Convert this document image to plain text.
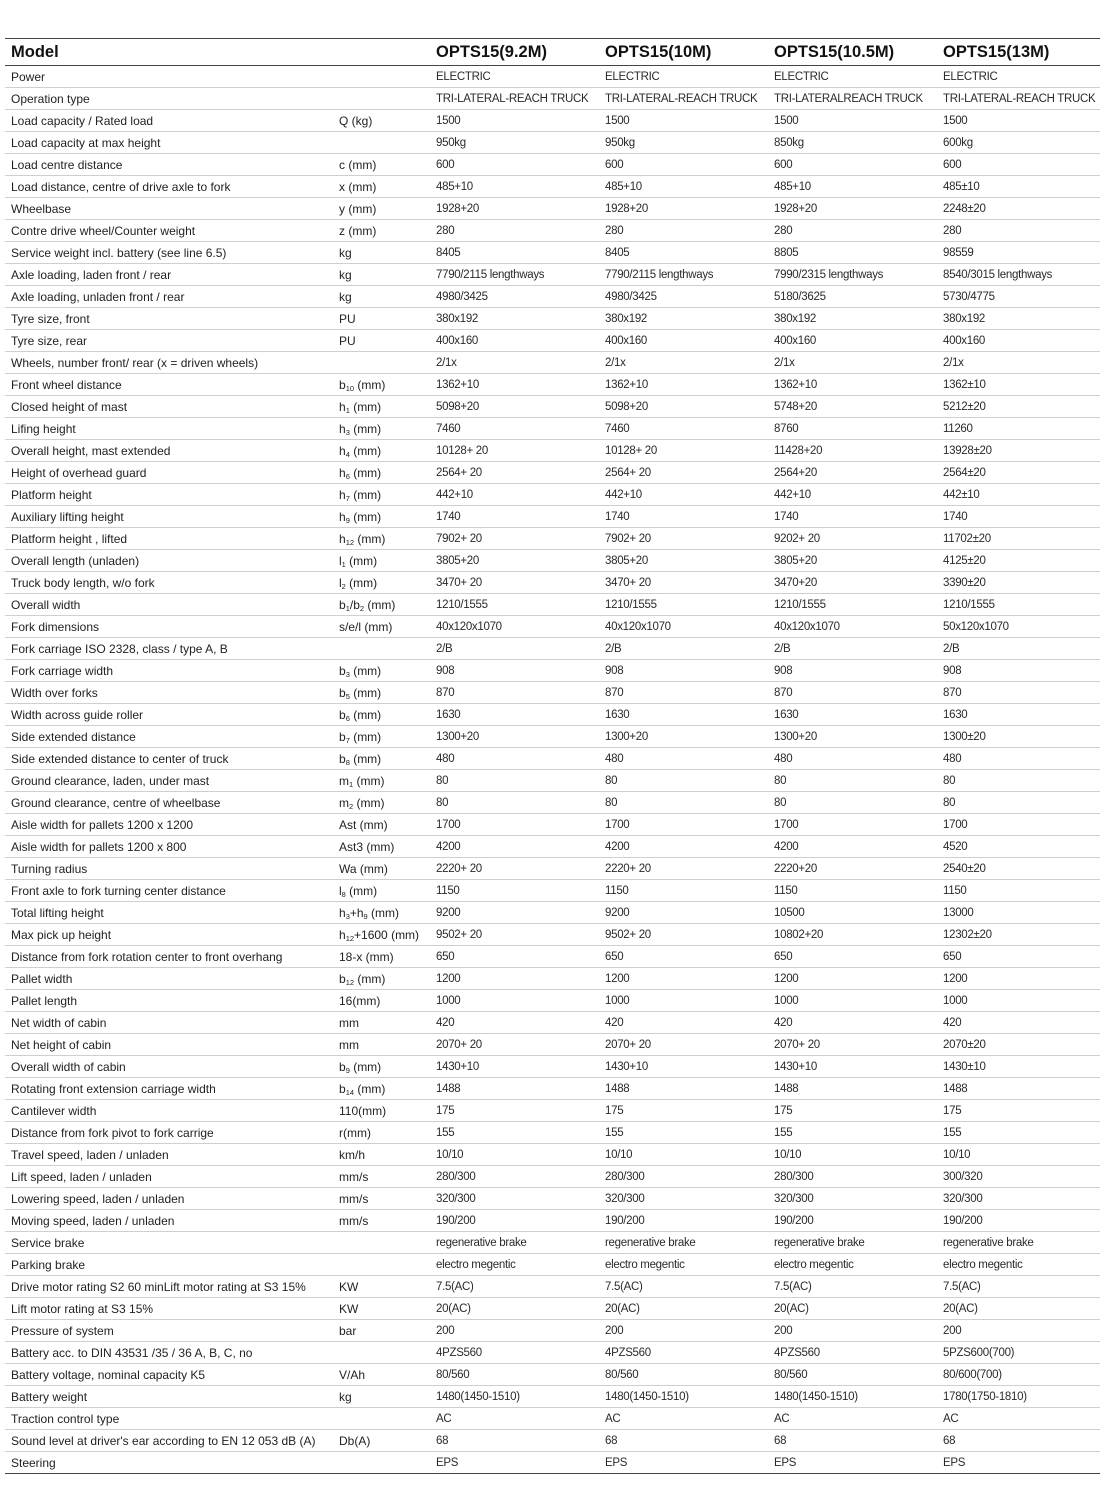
Model		OPTS15(9.2M)	OPTS15(10M)	OPTS15(10.5M)	OPTS15(13M)
Power		ELECTRIC	ELECTRIC	ELECTRIC	ELECTRIC
Operation type		TRI-LATERAL-REACH TRUCK	TRI-LATERAL-REACH TRUCK	TRI-LATERALREACH TRUCK	TRI-LATERAL-REACH TRUCK
Load capacity / Rated load	Q (kg)	1500	1500	1500	1500
Load capacity at max height		950kg	950kg	850kg	600kg
Load centre distance	c (mm)	600	600	600	600
Load distance, centre of drive axle to fork	x (mm)	485+10	485+10	485+10	485±10
Wheelbase	y (mm)	1928+20	1928+20	1928+20	2248±20
Contre drive wheel/Counter weight	z (mm)	280	280	280	280
Service weight incl. battery (see line 6.5)	kg	8405	8405	8805	98559
Axle loading, laden front / rear	kg	7790/2115 lengthways	7790/2115 lengthways	7990/2315 lengthways	8540/3015 lengthways
Axle loading, unladen front / rear	kg	4980/3425	4980/3425	5180/3625	5730/4775
Tyre size, front	PU	380x192	380x192	380x192	380x192
Tyre size, rear	PU	400x160	400x160	400x160	400x160
Wheels, number front/ rear (x = driven wheels)		2/1x	2/1x	2/1x	2/1x
Front wheel distance	$b_{10}$ (mm)	1362+10	1362+10	1362+10	1362±10
Closed height of mast	$h_1$ (mm)	5098+20	5098+20	5748+20	5212±20
Lifing height	$h_3$ (mm)	7460	7460	8760	11260
Overall height, mast extended	$h_4$ (mm)	10128+ 20	10128+ 20	11428+20	13928±20
Height of overhead guard	$h_6$ (mm)	2564+ 20	2564+ 20	2564+20	2564±20
Platform height	$h_7$ (mm)	442+10	442+10	442+10	442±10
Auxiliary lifting height	$h_9$ (mm)	1740	1740	1740	1740
Platform height , lifted	$h_{12}$ (mm)	7902+ 20	7902+ 20	9202+ 20	11702±20
Overall length (unladen)	$l_1$ (mm)	3805+20	3805+20	3805+20	4125±20
Truck body length, w/o fork	$l_2$ (mm)	3470+ 20	3470+ 20	3470+20	3390±20
Overall width	$b_1/b_2$ (mm)	1210/1555	1210/1555	1210/1555	1210/1555
Fork dimensions	s/e/l (mm)	40x120x1070	40x120x1070	40x120x1070	50x120x1070
Fork carriage ISO 2328, class / type A, B		2/B	2/B	2/B	2/B
Fork carriage width	$b_3$ (mm)	908	908	908	908
Width over forks	$b_5$ (mm)	870	870	870	870
Width across guide roller	$b_6$ (mm)	1630	1630	1630	1630
Side extended distance	$b_7$ (mm)	1300+20	1300+20	1300+20	1300±20
Side extended distance to center of truck	$b_8$ (mm)	480	480	480	480
Ground clearance, laden, under mast	$m_1$ (mm)	80	80	80	80
Ground clearance, centre of wheelbase	$m_2$ (mm)	80	80	80	80
Aisle width for pallets 1200 x 1200	Ast (mm)	1700	1700	1700	1700
Aisle width for pallets 1200 x 800	Ast3 (mm)	4200	4200	4200	4520
Turning radius	Wa (mm)	2220+ 20	2220+ 20	2220+20	2540±20
Front axle to fork turning center distance	$l_8$ (mm)	1150	1150	1150	1150
Total lifting height	$h_3+h_9$ (mm)	9200	9200	10500	13000
Max pick up height	$h_{12}+1600$ (mm)	9502+ 20	9502+ 20	10802+20	12302±20
Distance from fork rotation center to front overhang	18-x (mm)	650	650	650	650
Pallet width	$b_{12}$ (mm)	1200	1200	1200	1200
Pallet length	16(mm)	1000	1000	1000	1000
Net width of cabin	mm	420	420	420	420
Net height of cabin	mm	2070+ 20	2070+ 20	2070+ 20	2070±20
Overall width of cabin	$b_9$ (mm)	1430+10	1430+10	1430+10	1430±10
Rotating front extension carriage width	$b_{14}$ (mm)	1488	1488	1488	1488
Cantilever width	110(mm)	175	175	175	175
Distance from fork pivot to fork carrige	r(mm)	155	155	155	155
Travel speed, laden / unladen	km/h	10/10	10/10	10/10	10/10
Lift speed, laden / unladen	mm/s	280/300	280/300	280/300	300/320
Lowering speed, laden / unladen	mm/s	320/300	320/300	320/300	320/300
Moving speed, laden / unladen	mm/s	190/200	190/200	190/200	190/200
Service brake		regenerative brake	regenerative brake	regenerative brake	regenerative brake
Parking brake		electro megentic	electro megentic	electro megentic	electro megentic
Drive motor rating S2 60 minLift motor rating at S3 15%	KW	7.5(AC)	7.5(AC)	7.5(AC)	7.5(AC)
Lift motor rating at S3 15%	KW	20(AC)	20(AC)	20(AC)	20(AC)
Pressure of system	bar	200	200	200	200
Battery acc. to DIN 43531 /35 / 36 A, B, C, no		4PZS560	4PZS560	4PZS560	5PZS600(700)
Battery voltage, nominal capacity K5	V/Ah	80/560	80/560	80/560	80/600(700)
Battery weight	kg	1480(1450-1510)	1480(1450-1510)	1480(1450-1510)	1780(1750-1810)
Traction control type		AC	AC	AC	AC
Sound level at driver's ear according to EN 12 053 dB (A)	Db(A)	68	68	68	68
Steering		EPS	EPS	EPS	EPS
